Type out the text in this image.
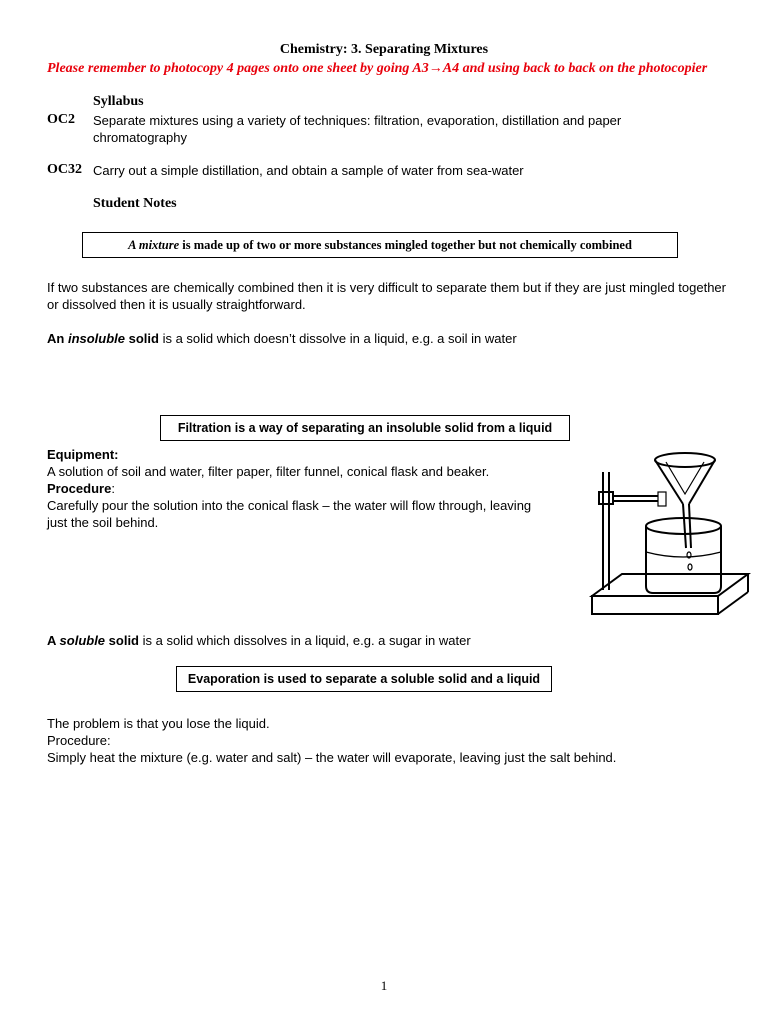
Chemistry: 3. Separating Mixtures
Please remember to photocopy 4 pages onto one sheet by going A3→A4 and using back to back on the photocopier
Syllabus
OC2 Separate mixtures using a variety of techniques: filtration, evaporation, distillation and paper chromatography
OC32 Carry out a simple distillation, and obtain a sample of water from sea-water
Student Notes
A mixture is made up of two or more substances mingled together but not chemically combined
If two substances are chemically combined then it is very difficult to separate them but if they are just mingled together or dissolved then it is usually straightforward.
An insoluble solid is a solid which doesn’t dissolve in a liquid, e.g. a soil in water
Filtration is a way of separating an insoluble solid from a liquid
Equipment:
A solution of soil and water, filter paper, filter funnel, conical flask and beaker.
Procedure:
Carefully pour the solution into the conical flask – the water will flow through, leaving just the soil behind.
A soluble solid is a solid which dissolves in a liquid, e.g. a sugar in water
Evaporation is used to separate a soluble solid and a liquid
The problem is that you lose the liquid.
Procedure:
Simply heat the mixture (e.g. water and salt) – the water will evaporate, leaving just the salt behind.
1
